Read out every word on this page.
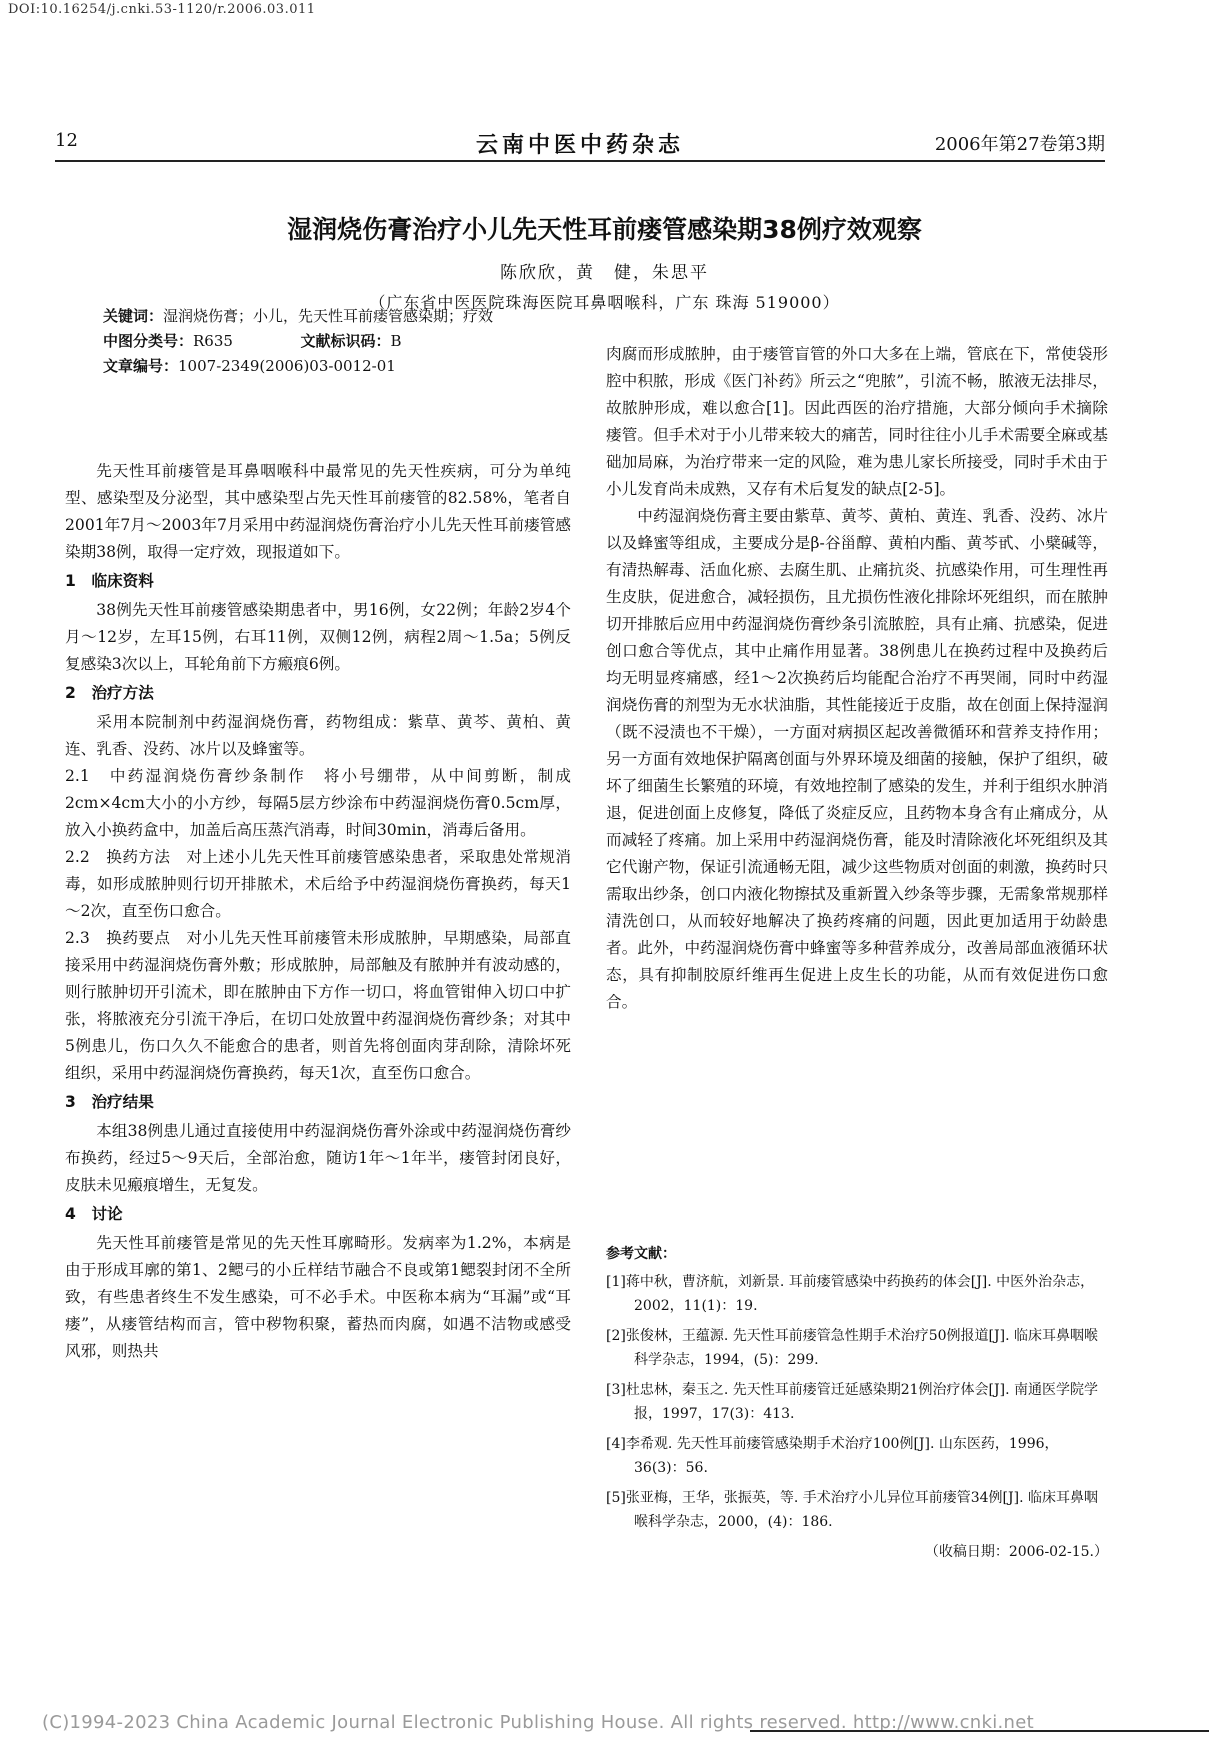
DOI:10.16254/j.cnki.53-1120/r.2006.03.011
12	云南中医中药杂志	2006年第27卷第3期
湿润烧伤膏治疗小儿先天性耳前瘘管感染期38例疗效观察
陈欣欣，黄　健，朱思平
（广东省中医医院珠海医院耳鼻咽喉科，广东 珠海 519000）
关键词：湿润烧伤膏；小儿，先天性耳前瘘管感染期；疗效
中图分类号：R635	文献标识码：B
文章编号：1007-2349(2006)03-0012-01

先天性耳前瘘管是耳鼻咽喉科中最常见的先天性疾病，可分为单纯型、感染型及分泌型，其中感染型占先天性耳前瘘管的82.58%，笔者自2001年7月～2003年7月采用中药湿润烧伤膏治疗小儿先天性耳前瘘管感染期38例，取得一定疗效，现报道如下。

1　临床资料

38例先天性耳前瘘管感染期患者中，男16例，女22例；年龄2岁4个月～12岁，左耳15例，右耳11例，双侧12例，病程2周～1.5a；5例反复感染3次以上，耳轮角前下方瘢痕6例。

2　治疗方法

采用本院制剂中药湿润烧伤膏，药物组成：紫草、黄芩、黄柏、黄连、乳香、没药、冰片以及蜂蜜等。

2.1　中药湿润烧伤膏纱条制作　将小号绷带，从中间剪断，制成2cm×4cm大小的小方纱，每隔5层方纱涂布中药湿润烧伤膏0.5cm厚，放入小换药盒中，加盖后高压蒸汽消毒，时间30min，消毒后备用。

2.2　换药方法　对上述小儿先天性耳前瘘管感染患者，采取患处常规消毒，如形成脓肿则行切开排脓术，术后给予中药湿润烧伤膏换药，每天1～2次，直至伤口愈合。

2.3　换药要点　对小儿先天性耳前瘘管未形成脓肿，早期感染，局部直接采用中药湿润烧伤膏外敷；形成脓肿，局部触及有脓肿并有波动感的，则行脓肿切开引流术，即在脓肿由下方作一切口，将血管钳伸入切口中扩张，将脓液充分引流干净后，在切口处放置中药湿润烧伤膏纱条；对其中5例患儿，伤口久久不能愈合的患者，则首先将创面肉芽刮除，清除坏死组织，采用中药湿润烧伤膏换药，每天1次，直至伤口愈合。

3　治疗结果

本组38例患儿通过直接使用中药湿润烧伤膏外涂或中药湿润烧伤膏纱布换药，经过5～9天后，全部治愈，随访1年～1年半，瘘管封闭良好，皮肤未见瘢痕增生，无复发。

4　讨论

先天性耳前瘘管是常见的先天性耳廓畸形。发病率为1.2%，本病是由于形成耳廓的第1、2鳃弓的小丘样结节融合不良或第1鳃裂封闭不全所致，有些患者终生不发生感染，可不必手术。中医称本病为“耳漏”或“耳瘘”，从瘘管结构而言，管中秽物积聚，蓄热而肉腐，如遇不洁物或感受风邪，则热共

肉腐而形成脓肿，由于瘘管盲管的外口大多在上端，管底在下，常使袋形腔中积脓，形成《医门补药》所云之“兜脓”，引流不畅，脓液无法排尽，故脓肿形成，难以愈合[1]。因此西医的治疗措施，大部分倾向手术摘除瘘管。但手术对于小儿带来较大的痛苦，同时往往小儿手术需要全麻或基础加局麻，为治疗带来一定的风险，难为患儿家长所接受，同时手术由于小儿发育尚未成熟，又存有术后复发的缺点[2-5]。

中药湿润烧伤膏主要由紫草、黄芩、黄柏、黄连、乳香、没药、冰片以及蜂蜜等组成，主要成分是β-谷甾醇、黄柏内酯、黄芩甙、小檗碱等，有清热解毒、活血化瘀、去腐生肌、止痛抗炎、抗感染作用，可生理性再生皮肤，促进愈合，减轻损伤，且尤损伤性液化排除坏死组织，而在脓肿切开排脓后应用中药湿润烧伤膏纱条引流脓腔，具有止痛、抗感染，促进创口愈合等优点，其中止痛作用显著。38例患儿在换药过程中及换药后均无明显疼痛感，经1～2次换药后均能配合治疗不再哭闹，同时中药湿润烧伤膏的剂型为无水状油脂，其性能接近于皮脂，故在创面上保持湿润（既不浸渍也不干燥），一方面对病损区起改善微循环和营养支持作用；另一方面有效地保护隔离创面与外界环境及细菌的接触，保护了组织，破坏了细菌生长繁殖的环境，有效地控制了感染的发生，并利于组织水肿消退，促进创面上皮修复，降低了炎症反应，且药物本身含有止痛成分，从而减轻了疼痛。加上采用中药湿润烧伤膏，能及时清除液化坏死组织及其它代谢产物，保证引流通畅无阻，减少这些物质对创面的刺激，换药时只需取出纱条，创口内液化物擦拭及重新置入纱条等步骤，无需象常规那样清洗创口，从而较好地解决了换药疼痛的问题，因此更加适用于幼龄患者。此外，中药湿润烧伤膏中蜂蜜等多种营养成分，改善局部血液循环状态，具有抑制胶原纤维再生促进上皮生长的功能，从而有效促进伤口愈合。

参考文献：
[1]蒋中秋，曹济航，刘新景. 耳前瘘管感染中药换药的体会[J]. 中医外治杂志，2002，11(1)：19.
[2]张俊林，王蕴源. 先天性耳前瘘管急性期手术治疗50例报道[J]. 临床耳鼻咽喉科学杂志，1994，(5)：299.
[3]杜忠林，秦玉之. 先天性耳前瘘管迁延感染期21例治疗体会[J]. 南通医学院学报，1997，17(3)：413.
[4]李希观. 先天性耳前瘘管感染期手术治疗100例[J]. 山东医药，1996，36(3)：56.
[5]张亚梅，王华，张振英，等. 手术治疗小儿异位耳前瘘管34例[J]. 临床耳鼻咽喉科学杂志，2000，(4)：186.
（收稿日期：2006-02-15.）
(C)1994-2023 China Academic Journal Electronic Publishing House. All rights reserved. http://www.cnki.net
